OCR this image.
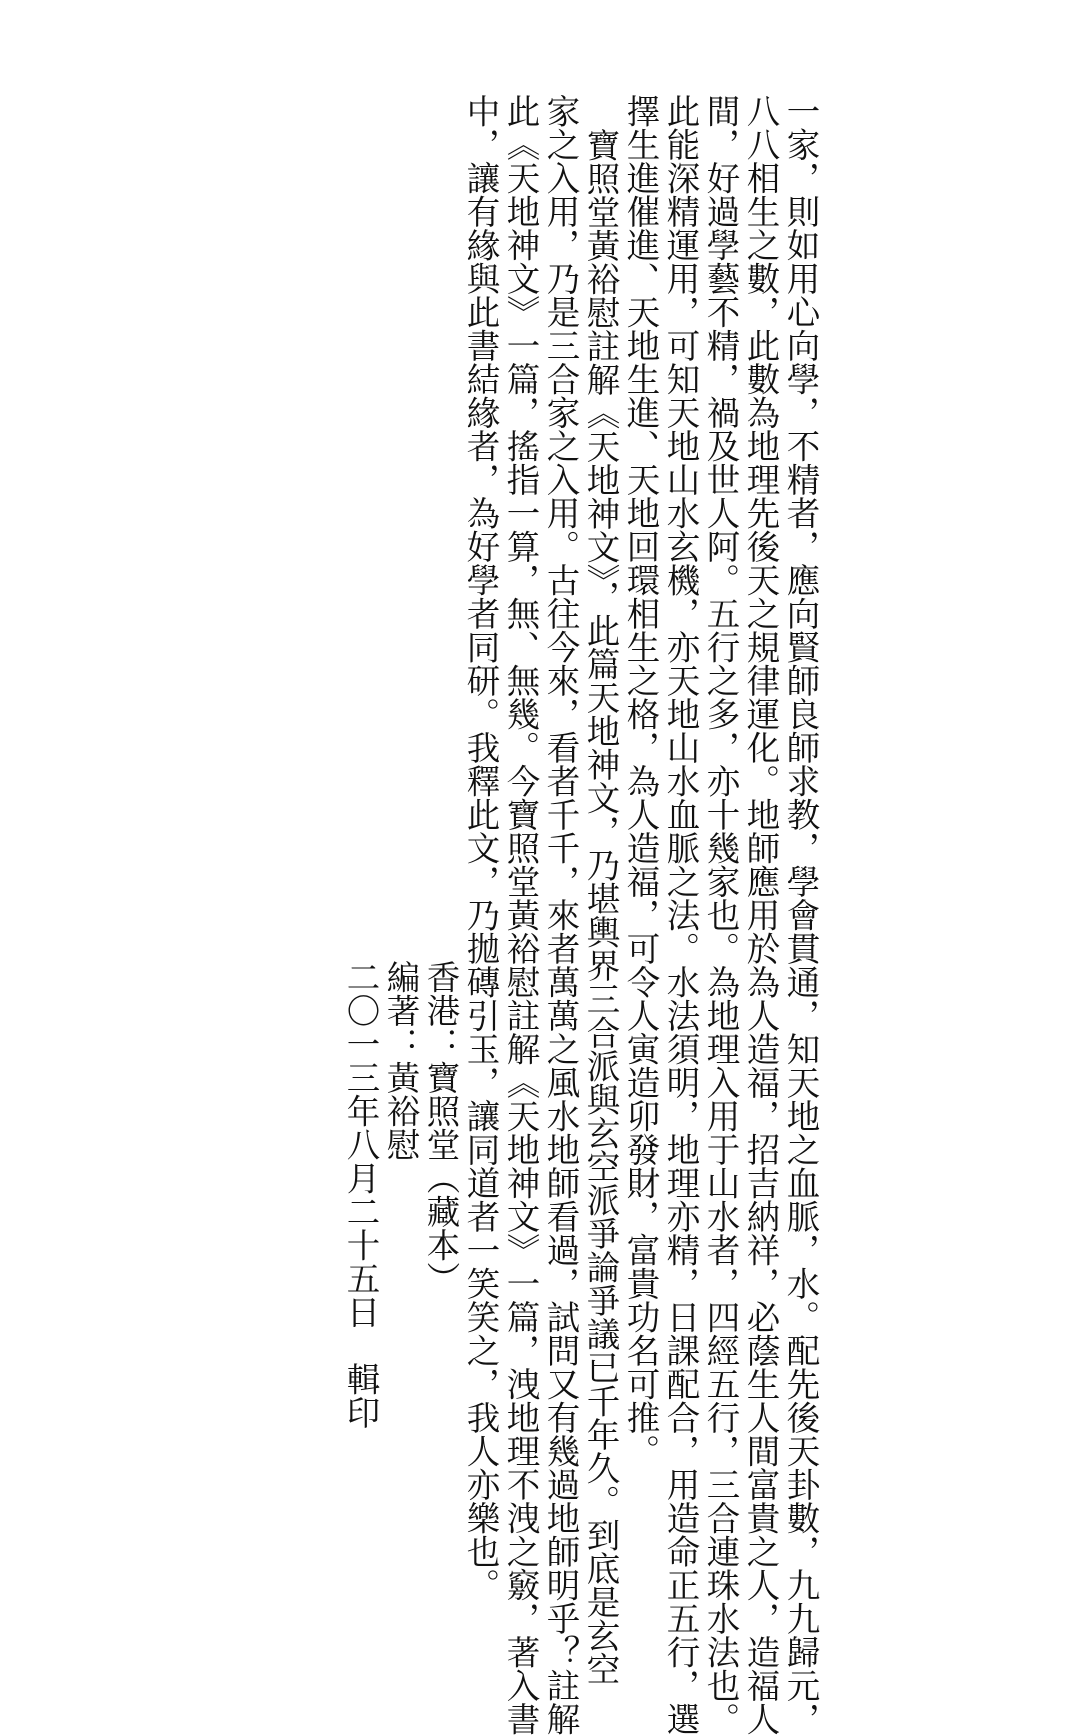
一家，則如用心向學，不精者，應向賢師良師求教，學會貫通，知天地之血脈，水。配先後天卦數，九九歸元，

八八相生之數，此數為地理先後天之規律運化。地師應用於為人造福，招吉納祥，必蔭生人間富貴之人，造福人

間，好過學藝不精，禍及世人阿。五行之多，亦十幾家也。為地理入用于山水者，四經五行，三合連珠水法也。

此能深精運用，可知天地山水玄機，亦天地山水血脈之法。水法須明，地理亦精，日課配合，用造命正五行，選

擇生進催進、天地生進、天地回環相生之格，為人造福，可令人寅造卯發財，富貴功名可推。

寶照堂黃裕慰註解《天地神文》，此篇天地神文，乃堪輿界三合派與玄空派爭論爭議已千年久。到底是玄空

家之入用，乃是三合家之入用。古往今來，看者千千，來者萬萬之風水地師看過，試問又有幾過地師明乎？註解

此《天地神文》一篇，搖指一算，無、無幾。今寶照堂黃裕慰註解《天地神文》一篇，洩地理不洩之竅，著入書

中，讓有緣與此書結緣者，為好學者同研。我釋此文，乃拋磚引玉，讓同道者一笑笑之，我人亦樂也。

香港：寶照堂（藏本）

編著：黃裕慰

二〇一三年八月二十五日　輯印
